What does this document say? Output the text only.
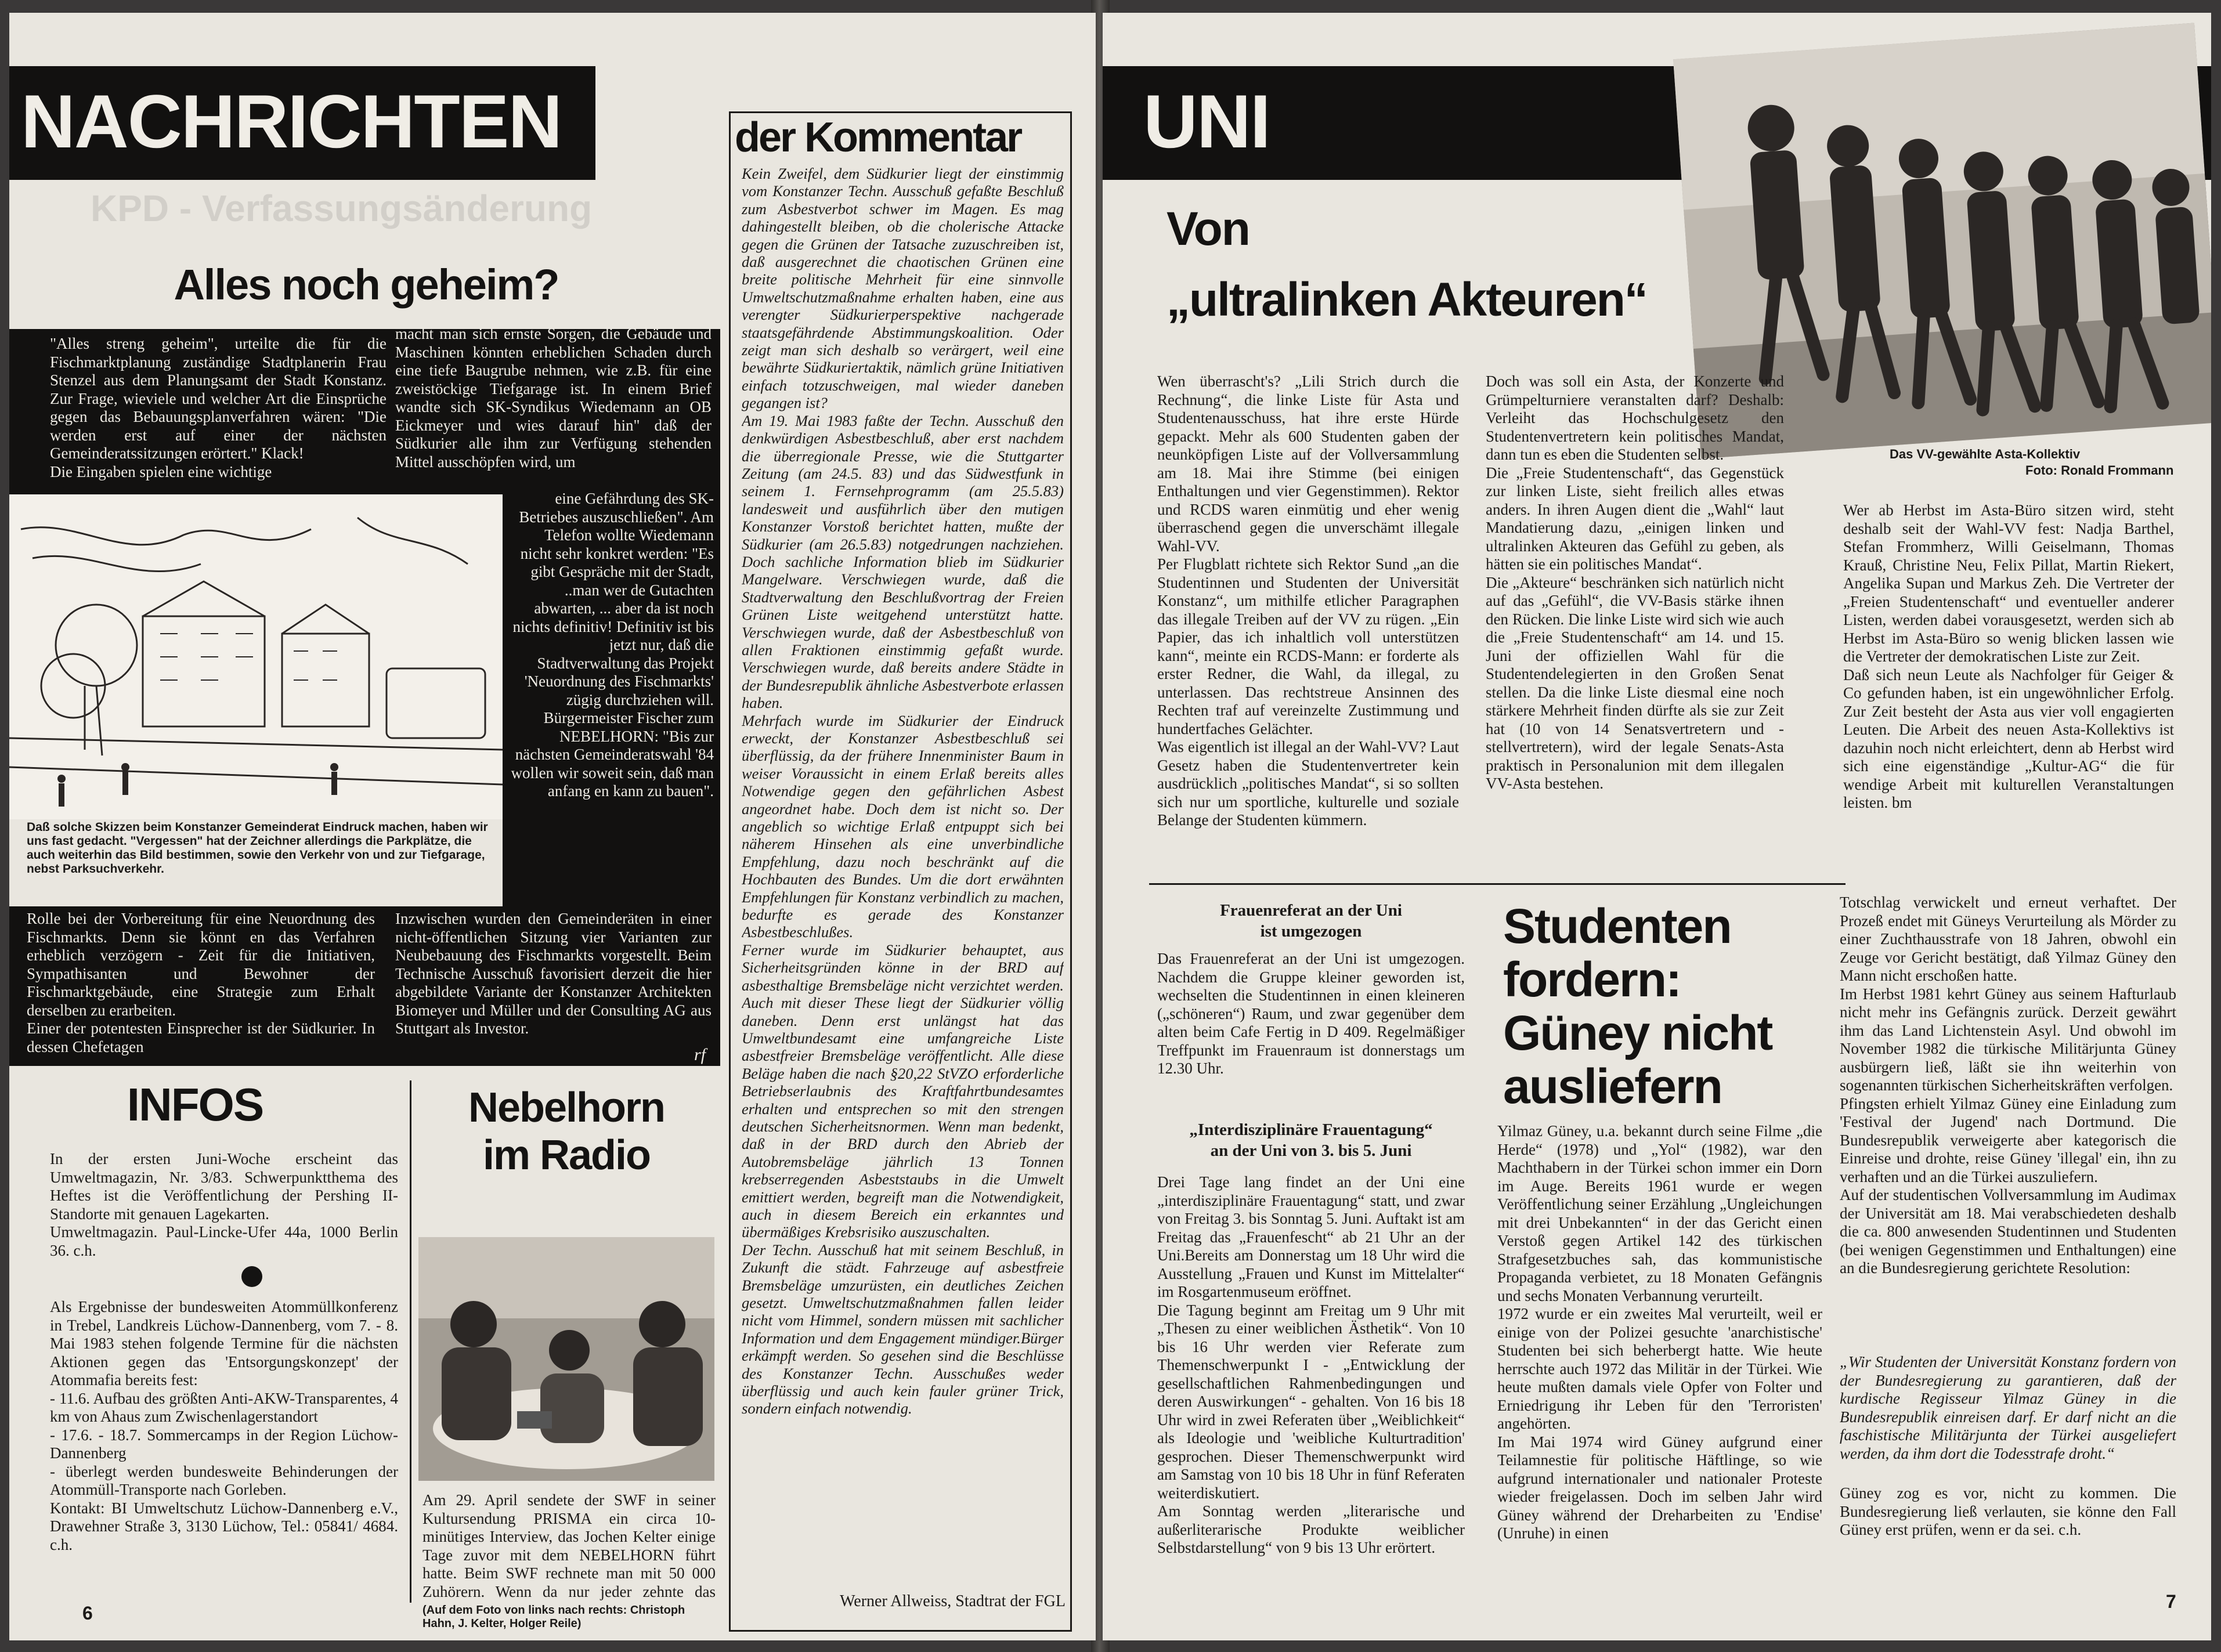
NACHRICHTEN
KPD - Verfassungsänderung
Alles noch geheim?
"Alles streng geheim", urteilte die für die Fischmarktplanung zuständige Stadtplanerin Frau Stenzel aus dem Planungsamt der Stadt Konstanz. Zur Frage, wieviele und welcher Art die Einsprüche gegen das Bebauungsplanverfahren wären: "Die werden erst auf einer der nächsten Gemeinderatssitzungen erörtert." Klack!
Die Eingaben spielen eine wichtige
macht man sich ernste Sorgen, die Gebäude und Maschinen könnten erheblichen Schaden durch eine tiefe Baugrube nehmen, wie z.B. für eine zweistöckige Tiefgarage ist. In einem Brief wandte sich SK-Syndikus Wiedemann an OB Eickmeyer und wies darauf hin" daß der Südkurier alle ihm zur Verfügung stehenden Mittel ausschöpfen wird, um
eine Gefährdung des SK-Betriebes auszuschließen". Am Telefon wollte Wiedemann nicht sehr konkret werden: "Es gibt Gespräche mit der Stadt, ..man wer de Gutachten abwarten, ... aber da ist noch nichts definitiv! Definitiv ist bis jetzt nur, daß die Stadtverwaltung das Projekt 'Neuordnung des Fischmarkts' zügig durchziehen will. Bürgermeister Fischer zum NEBELHORN: "Bis zur nächsten Gemeinderatswahl '84 wollen wir soweit sein, daß man anfang en kann zu bauen".
Daß solche Skizzen beim Konstanzer Gemeinderat Eindruck machen, haben wir uns fast gedacht. "Vergessen" hat der Zeichner allerdings die Parkplätze, die auch weiterhin das Bild bestimmen, sowie den Verkehr von und zur Tiefgarage, nebst Parksuchverkehr.
Rolle bei der Vorbereitung für eine Neuordnung des Fischmarkts. Denn sie könnt en das Verfahren erheblich verzögern - Zeit für die Initiativen, Sympathisanten und Bewohner der Fischmarktgebäude, eine Strategie zum Erhalt derselben zu erarbeiten.
Einer der potentesten Einsprecher ist der Südkurier. In dessen Chefetagen
Inzwischen wurden den Gemeinderäten in einer nicht-öffentlichen Sitzung vier Varianten zur Neubebauung des Fischmarkts vorgestellt. Beim Technische Ausschuß favorisiert derzeit die hier abgebildete Variante der Konstanzer Architekten Biomeyer und Müller und der Consulting AG aus Stuttgart als Investor.
rf
INFOS
In der ersten Juni-Woche erscheint das Umweltmagazin, Nr. 3/83. Schwerpunktthema des Heftes ist die Veröffentlichung der Pershing II-Standorte mit genauen Lagekarten.
Umweltmagazin. Paul-Lincke-Ufer 44a, 1000 Berlin 36. c.h.
Als Ergebnisse der bundesweiten Atommüllkonferenz in Trebel, Landkreis Lüchow-Dannenberg, vom 7. - 8. Mai 1983 stehen folgende Termine für die nächsten Aktionen gegen das 'Entsorgungskonzept' der Atommafia bereits fest:
- 11.6. Aufbau des größten Anti-AKW-Transparentes, 4 km von Ahaus zum Zwischenlagerstandort
- 17.6. - 18.7. Sommercamps in der Region Lüchow-Dannenberg
- überlegt werden bundesweite Behinderungen der Atommüll-Transporte nach Gorleben.
Kontakt: BI Umweltschutz Lüchow-Dannenberg e.V., Drawehner Straße 3, 3130 Lüchow, Tel.: 05841/ 4684. c.h.
6
Nebelhorn
im Radio
Am 29. April sendete der SWF in seiner Kultursendung PRISMA ein circa 10-minütiges Interview, das Jochen Kelter einige Tage zuvor mit dem NEBELHORN führt hatte. Beim SWF rechnete man mit 50 000 Zuhörern. Wenn da nur jeder zehnte das
(Auf dem Foto von links nach rechts: Christoph Hahn, J. Kelter, Holger Reile)
der Kommentar
Kein Zweifel, dem Südkurier liegt der einstimmig vom Konstanzer Techn. Ausschuß gefaßte Beschluß zum Asbestverbot schwer im Magen. Es mag dahingestellt bleiben, ob die cholerische Attacke gegen die Grünen der Tatsache zuzuschreiben ist, daß ausgerechnet die chaotischen Grünen eine breite politische Mehrheit für eine sinnvolle Umweltschutzmaßnahme erhalten haben, eine aus verengter Südkurierperspektive nachgerade staatsgefährdende Abstimmungskoalition. Oder zeigt man sich deshalb so verärgert, weil eine bewährte Südkuriertaktik, nämlich grüne Initiativen einfach totzuschweigen, mal wieder daneben gegangen ist?
Am 19. Mai 1983 faßte der Techn. Ausschuß den denkwürdigen Asbestbeschluß, aber erst nachdem die überregionale Presse, wie die Stuttgarter Zeitung (am 24.5. 83) und das Südwestfunk in seinem 1. Fernsehprogramm (am 25.5.83) landesweit und ausführlich über den mutigen Konstanzer Vorstoß berichtet hatten, mußte der Südkurier (am 26.5.83) notgedrungen nachziehen. Doch sachliche Information blieb im Südkurier Mangelware. Verschwiegen wurde, daß die Stadtverwaltung den Beschlußvortrag der Freien Grünen Liste weitgehend unterstützt hatte. Verschwiegen wurde, daß der Asbestbeschluß von allen Fraktionen einstimmig gefaßt wurde. Verschwiegen wurde, daß bereits andere Städte in der Bundesrepublik ähnliche Asbestverbote erlassen haben.
Mehrfach wurde im Südkurier der Eindruck erweckt, der Konstanzer Asbestbeschluß sei überflüssig, da der frühere Innenminister Baum in weiser Voraussicht in einem Erlaß bereits alles Notwendige gegen den gefährlichen Asbest angeordnet habe. Doch dem ist nicht so. Der angeblich so wichtige Erlaß entpuppt sich bei näherem Hinsehen als eine unverbindliche Empfehlung, dazu noch beschränkt auf die Hochbauten des Bundes. Um die dort erwähnten Empfehlungen für Konstanz verbindlich zu machen, bedurfte es gerade des Konstanzer Asbestbeschlußes.
Ferner wurde im Südkurier behauptet, aus Sicherheitsgründen könne in der BRD auf asbesthaltige Bremsbeläge nicht verzichtet werden. Auch mit dieser These liegt der Südkurier völlig daneben. Denn erst unlängst hat das Umweltbundesamt eine umfangreiche Liste asbestfreier Bremsbeläge veröffentlicht. Alle diese Beläge haben die nach §20,22 StVZO erforderliche Betriebserlaubnis des Kraftfahrtbundesamtes erhalten und entsprechen so mit den strengen deutschen Sicherheitsnormen. Wenn man bedenkt, daß in der BRD durch den Abrieb der Autobremsbeläge jährlich 13 Tonnen krebserregenden Asbeststaubs in die Umwelt emittiert werden, begreift man die Notwendigkeit, auch in diesem Bereich ein erkanntes und übermäßiges Krebsrisiko auszuschalten.
Der Techn. Ausschuß hat mit seinem Beschluß, in Zukunft die städt. Fahrzeuge auf asbestfreie Bremsbeläge umzurüsten, ein deutliches Zeichen gesetzt. Umweltschutzmaßnahmen fallen leider nicht vom Himmel, sondern müssen mit sachlicher Information und dem Engagement mündiger.Bürger erkämpft werden. So gesehen sind die Beschlüsse des Konstanzer Techn. Ausschußes weder überflüssig und auch kein fauler grüner Trick, sondern einfach notwendig.
Werner Allweiss, Stadtrat der FGL
UNI
Das VV-gewählte Asta-Kollektiv
Foto: Ronald Frommann
Von
„ultralinken Akteuren“
Wen überrascht's? „Lili Strich durch die Rechnung“, die linke Liste für Asta und Studentenausschuss, hat ihre erste Hürde gepackt. Mehr als 600 Studenten gaben der neunköpfigen Liste auf der Vollversammlung am 18. Mai ihre Stimme (bei einigen Enthaltungen und vier Gegenstimmen). Rektor und RCDS waren einmütig und eher wenig überraschend gegen die unverschämt illegale Wahl-VV.
Per Flugblatt richtete sich Rektor Sund „an die Studentinnen und Studenten der Universität Konstanz“, um mithilfe etlicher Paragraphen das illegale Treiben auf der VV zu rügen. „Ein Papier, das ich inhaltlich voll unterstützen kann“, meinte ein RCDS-Mann: er forderte als erster Redner, die Wahl, da illegal, zu unterlassen. Das rechtstreue Ansinnen des Rechten traf auf vereinzelte Zustimmung und hundertfaches Gelächter.
Was eigentlich ist illegal an der Wahl-VV? Laut Gesetz haben die Studentenvertreter kein ausdrücklich „politisches Mandat“, si so sollten sich nur um sportliche, kulturelle und soziale Belange der Studenten kümmern.
Doch was soll ein Asta, der Konzerte und Grümpelturniere veranstalten darf? Deshalb: Verleiht das Hochschulgesetz den Studentenvertretern kein politisches Mandat, dann tun es eben die Studenten selbst.
Die „Freie Studentenschaft“, das Gegenstück zur linken Liste, sieht freilich alles etwas anders. In ihren Augen dient die „Wahl“ laut Mandatierung dazu, „einigen linken und ultralinken Akteuren das Gefühl zu geben, als hätten sie ein politisches Mandat“.
Die „Akteure“ beschränken sich natürlich nicht auf das „Gefühl“, die VV-Basis stärke ihnen den Rücken. Die linke Liste wird sich wie auch die „Freie Studentenschaft“ am 14. und 15. Juni der offiziellen Wahl für die Studentendelegierten in den Großen Senat stellen. Da die linke Liste diesmal eine noch stärkere Mehrheit finden dürfte als sie zur Zeit hat (10 von 14 Senatsvertretern und -stellvertretern), wird der legale Senats-Asta praktisch in Personalunion mit dem illegalen VV-Asta bestehen.
Wer ab Herbst im Asta-Büro sitzen wird, steht deshalb seit der Wahl-VV fest: Nadja Barthel, Stefan Frommherz, Willi Geiselmann, Thomas Krauß, Christine Neu, Felix Pillat, Martin Riekert, Angelika Supan und Markus Zeh. Die Vertreter der „Freien Studentenschaft“ und eventueller anderer Listen, werden dabei vorausgesetzt, werden sich ab Herbst im Asta-Büro so wenig blicken lassen wie die Vertreter der demokratischen Liste zur Zeit.
Daß sich neun Leute als Nachfolger für Geiger & Co gefunden haben, ist ein ungewöhnlicher Erfolg. Zur Zeit besteht der Asta aus vier voll engagierten Leuten. Die Arbeit des neuen Asta-Kollektivs ist dazuhin noch nicht erleichtert, denn ab Herbst wird sich eine eigenständige „Kultur-AG“ die für wendige Arbeit mit kulturellen Veranstaltungen leisten. bm
Frauenreferat an der Uni
ist umgezogen
Das Frauenreferat an der Uni ist umgezogen. Nachdem die Gruppe kleiner geworden ist, wechselten die Studentinnen in einen kleineren („schöneren“) Raum, und zwar gegenüber dem alten beim Cafe Fertig in D 409. Regelmäßiger Treffpunkt im Frauenraum ist donnerstags um 12.30 Uhr.
„Interdisziplinäre Frauentagung“
an der Uni von 3. bis 5. Juni
Drei Tage lang findet an der Uni eine „interdisziplinäre Frauentagung“ statt, und zwar von Freitag 3. bis Sonntag 5. Juni. Auftakt ist am Freitag das „Frauenfescht“ ab 21 Uhr an der Uni.Bereits am Donnerstag um 18 Uhr wird die Ausstellung „Frauen und Kunst im Mittelalter“ im Rosgartenmuseum eröffnet.
Die Tagung beginnt am Freitag um 9 Uhr mit „Thesen zu einer weiblichen Ästhetik“. Von 10 bis 16 Uhr werden vier Referate zum Themenschwerpunkt I - „Entwicklung der gesellschaftlichen Rahmenbedingungen und deren Auswirkungen“ - gehalten. Von 16 bis 18 Uhr wird in zwei Referaten über „Weiblichkeit“ als Ideologie und 'weibliche Kulturtradition' gesprochen. Dieser Themenschwerpunkt wird am Samstag von 10 bis 18 Uhr in fünf Referaten weiterdiskutiert.
Am Sonntag werden „literarische und außerliterarische Produkte weiblicher Selbstdarstellung“ von 9 bis 13 Uhr erörtert.
Studenten
fordern:
Güney nicht
ausliefern
Yilmaz Güney, u.a. bekannt durch seine Filme „die Herde“ (1978) und „Yol“ (1982), war den Machthabern in der Türkei schon immer ein Dorn im Auge. Bereits 1961 wurde er wegen Veröffentlichung seiner Erzählung „Ungleichungen mit drei Unbekannten“ in der das Gericht einen Verstoß gegen Artikel 142 des türkischen Strafgesetzbuches sah, das kommunistische Propaganda verbietet, zu 18 Monaten Gefängnis und sechs Monaten Verbannung verurteilt.
1972 wurde er ein zweites Mal verurteilt, weil er einige von der Polizei gesuchte 'anarchistische' Studenten bei sich beherbergt hatte. Wie heute herrschte auch 1972 das Militär in der Türkei. Wie heute mußten damals viele Opfer von Folter und Erniedrigung ihr Leben für den 'Terroristen' angehörten.
Im Mai 1974 wird Güney aufgrund einer Teilamnestie für politische Häftlinge, so wie aufgrund internationaler und nationaler Proteste wieder freigelassen. Doch im selben Jahr wird Güney während der Dreharbeiten zu 'Endise' (Unruhe) in einen
Totschlag verwickelt und erneut verhaftet. Der Prozeß endet mit Güneys Verurteilung als Mörder zu einer Zuchthausstrafe von 18 Jahren, obwohl ein Zeuge vor Gericht bestätigt, daß Yilmaz Güney den Mann nicht erschoßen hatte.
Im Herbst 1981 kehrt Güney aus seinem Hafturlaub nicht mehr ins Gefängnis zurück. Derzeit gewährt ihm das Land Lichtenstein Asyl. Und obwohl im November 1982 die türkische Militärjunta Güney ausbürgern ließ, läßt sie ihn weiterhin von sogenannten türkischen Sicherheitskräften verfolgen.
Pfingsten erhielt Yilmaz Güney eine Einladung zum 'Festival der Jugend' nach Dortmund. Die Bundesrepublik verweigerte aber kategorisch die Einreise und drohte, reise Güney 'illegal' ein, ihn zu verhaften und an die Türkei auszuliefern.
Auf der studentischen Vollversammlung im Audimax der Universität am 18. Mai verabschiedeten deshalb die ca. 800 anwesenden Studentinnen und Studenten (bei wenigen Gegenstimmen und Enthaltungen) eine an die Bundesregierung gerichtete Resolution:
„Wir Studenten der Universität Konstanz fordern von der Bundesregierung zu garantieren, daß der kurdische Regisseur Yilmaz Güney in die Bundesrepublik einreisen darf. Er darf nicht an die faschistische Militärjunta der Türkei ausgeliefert werden, da ihm dort die Todesstrafe droht.“
Güney zog es vor, nicht zu kommen. Die Bundesregierung ließ verlauten, sie könne den Fall Güney erst prüfen, wenn er da sei. c.h.
7
